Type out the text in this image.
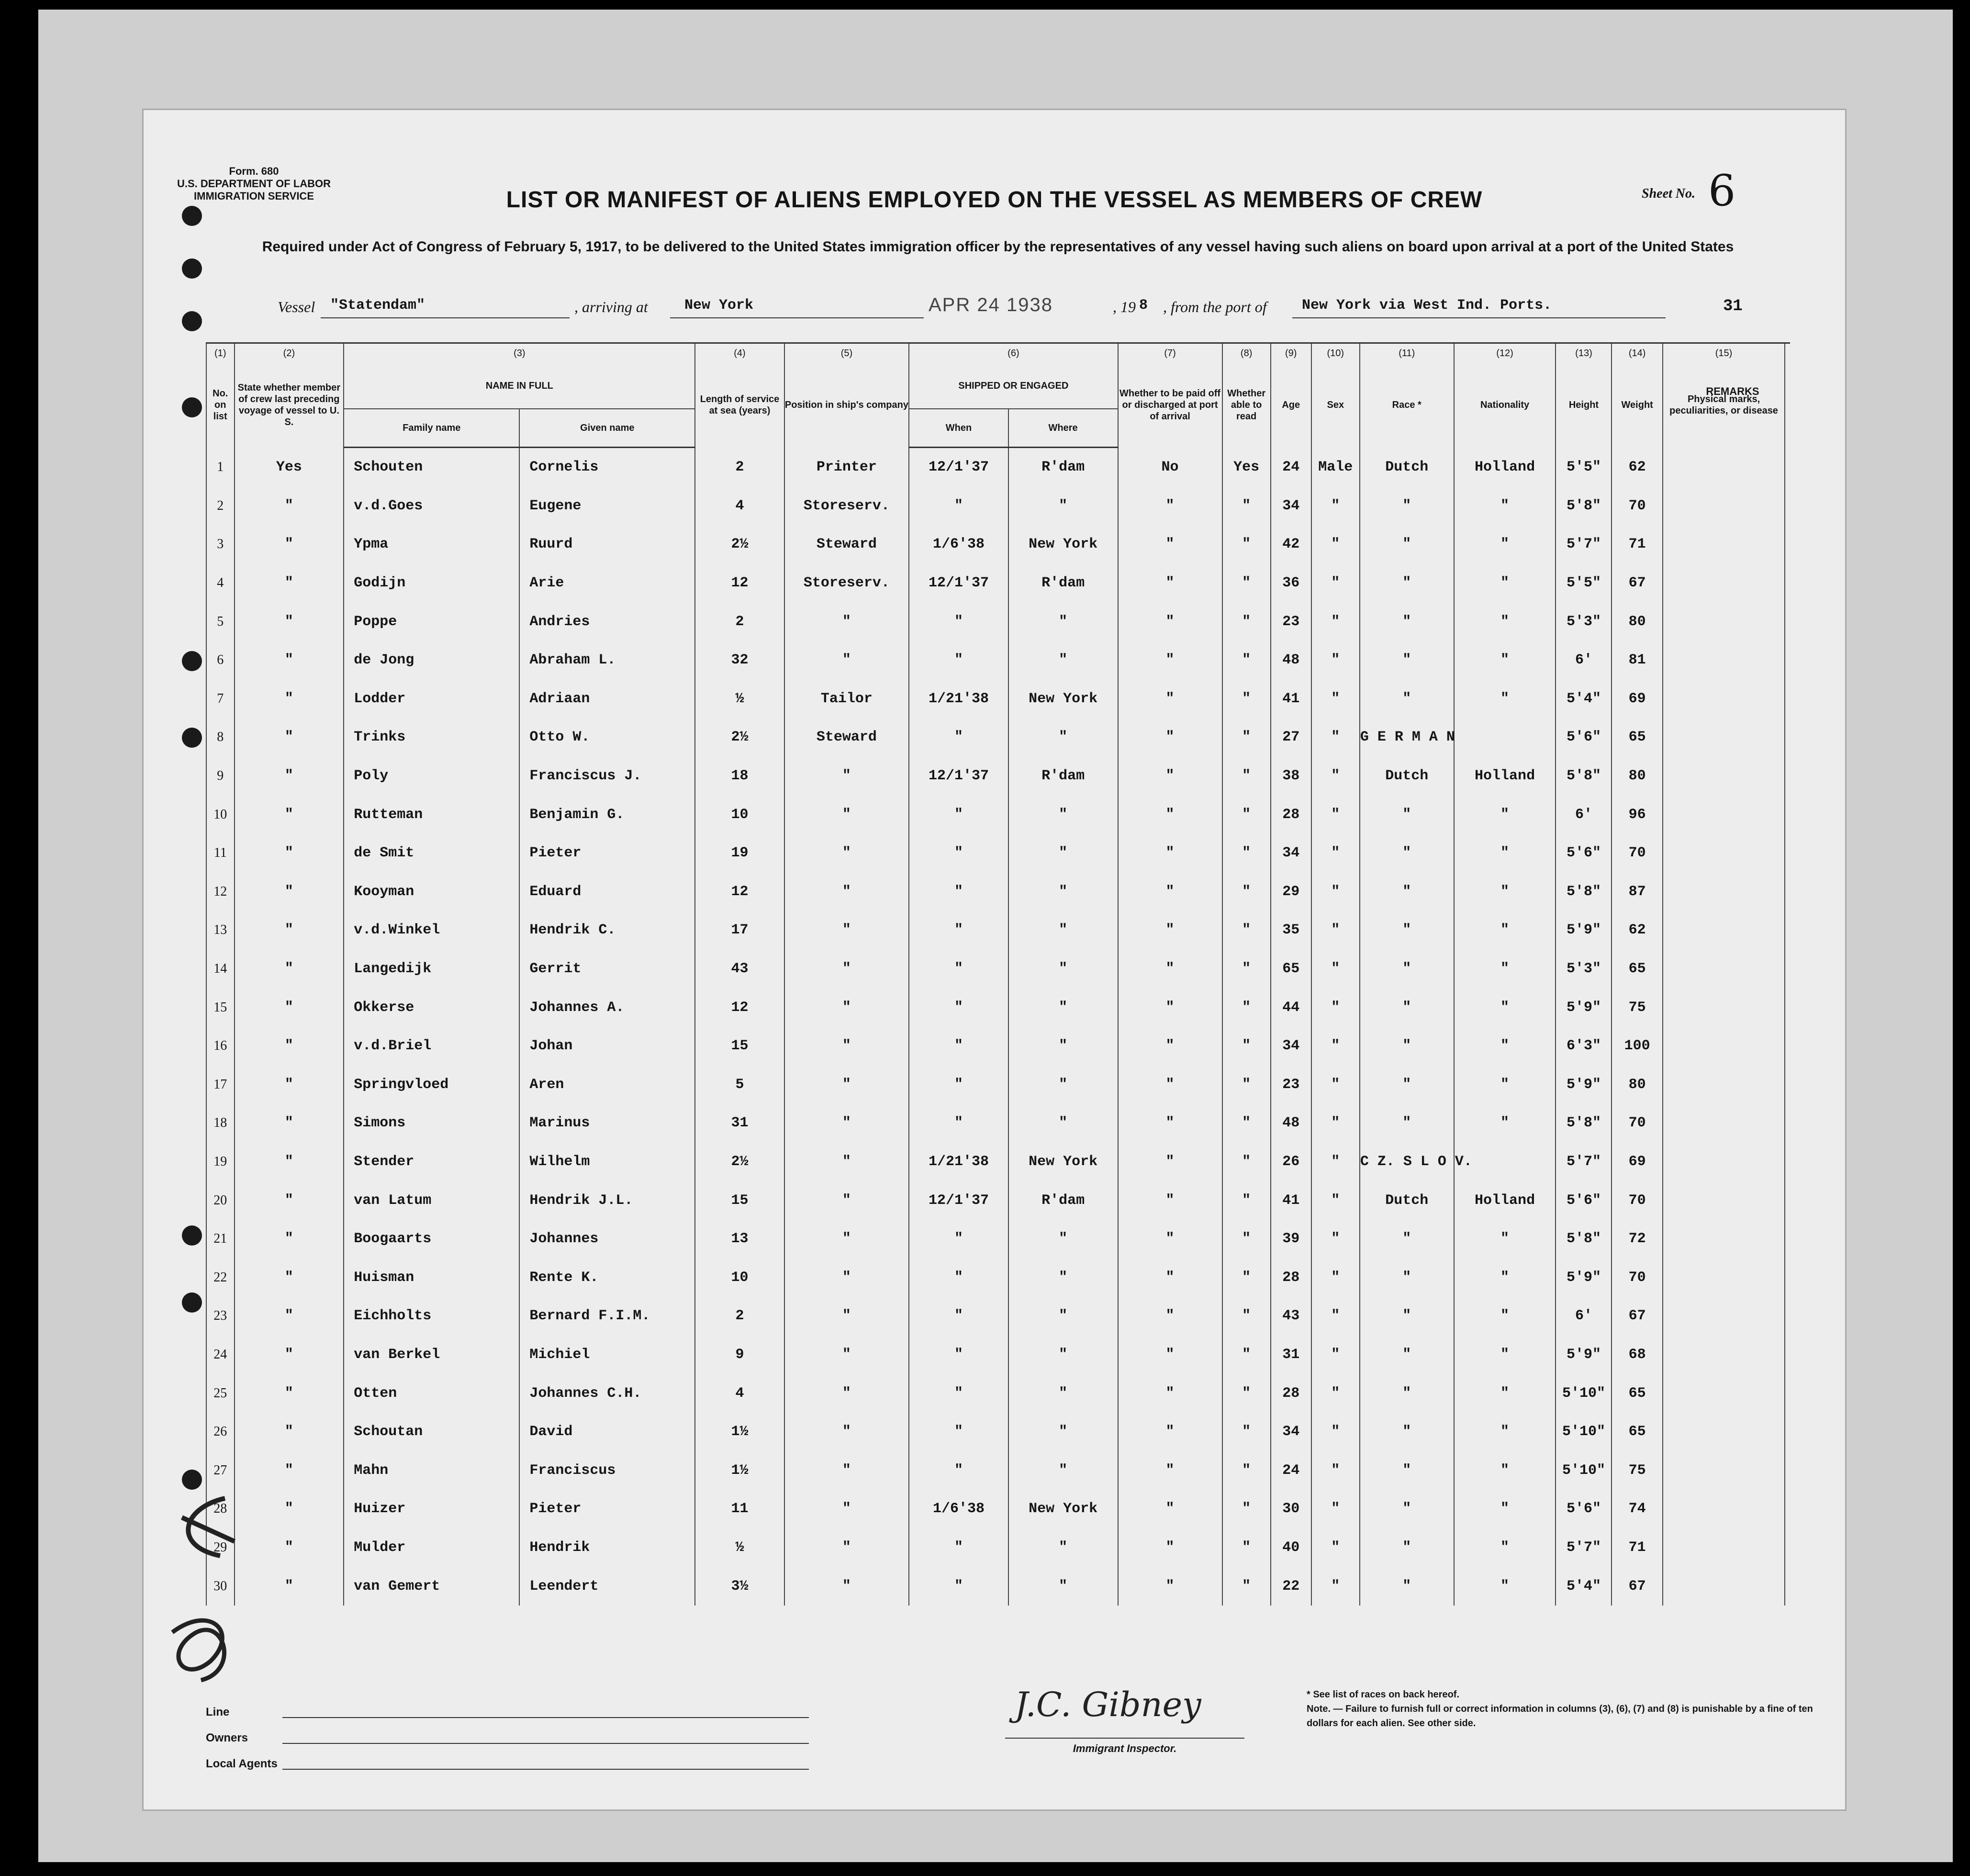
Form. 680
U.S. DEPARTMENT OF LABOR
IMMIGRATION SERVICE	Sheet No. 6
LIST OR MANIFEST OF ALIENS EMPLOYED ON THE VESSEL AS MEMBERS OF CREW
Required under Act of Congress of February 5, 1917, to be delivered to the United States immigration officer by the representatives of any vessel having such aliens on board upon arrival at a port of the United States
Vessel "Statendam"	, arriving at	New York	APR 24 1938	, 19 8 , from the port of New York via West Ind. Ports.	31
(1)	(2)	(3)		(4)	(5)	(6)		(7)	(8)	(9)	(10)	(11)	(12)	(13)	(14)	(15)	
No. on list	State whether member of crew last preceding voyage of vessel to U. S.	NAME IN FULL		Length of service at sea (years)	Position in ship's company	SHIPPED OR ENGAGED		Whether to be paid off or discharged at port of arrival	Whether able to read	Age	Sex	Race *	Nationality	Height	Weight	Physical marks, peculiarities, or disease	
		Family name	Given name			When	Where										
1	Yes	Schouten	Cornelis	2	Printer	12/1'37	R'dam	No	Yes	24	Male	Dutch	Holland	5'5"	62		
2	"	v.d.Goes	Eugene	4	Storeserv.	"	"	"	"	34	"	"	"	5'8"	70		
3	"	Ypma	Ruurd	2½	Steward	1/6'38	New York	"	"	42	"	"	"	5'7"	71		
4	"	Godijn	Arie	12	Storeserv.	12/1'37	R'dam	"	"	36	"	"	"	5'5"	67		
5	"	Poppe	Andries	2	"	"	"	"	"	23	"	"	"	5'3"	80		
6	"	de Jong	Abraham L.	32	"	"	"	"	"	48	"	"	"	6'	81		
7	"	Lodder	Adriaan	½	Tailor	1/21'38	New York	"	"	41	"	"	"	5'4"	69		
8	"	Trinks	Otto W.	2½	Steward	"	"	"	"	27	"	G E R M A N		5'6"	65		
9	"	Poly	Franciscus J.	18	"	12/1'37	R'dam	"	"	38	"	Dutch	Holland	5'8"	80		
10	"	Rutteman	Benjamin G.	10	"	"	"	"	"	28	"	"	"	6'	96		
11	"	de Smit	Pieter	19	"	"	"	"	"	34	"	"	"	5'6"	70		
12	"	Kooyman	Eduard	12	"	"	"	"	"	29	"	"	"	5'8"	87		
13	"	v.d.Winkel	Hendrik C.	17	"	"	"	"	"	35	"	"	"	5'9"	62		
14	"	Langedijk	Gerrit	43	"	"	"	"	"	65	"	"	"	5'3"	65		
15	"	Okkerse	Johannes A.	12	"	"	"	"	"	44	"	"	"	5'9"	75		
16	"	v.d.Briel	Johan	15	"	"	"	"	"	34	"	"	"	6'3"	100		
17	"	Springvloed	Aren	5	"	"	"	"	"	23	"	"	"	5'9"	80		
18	"	Simons	Marinus	31	"	"	"	"	"	48	"	"	"	5'8"	70		
19	"	Stender	Wilhelm	2½	"	1/21'38	New York	"	"	26	"	C Z. S L O V.		5'7"	69		
20	"	van Latum	Hendrik J.L.	15	"	12/1'37	R'dam	"	"	41	"	Dutch	Holland	5'6"	70		
21	"	Boogaarts	Johannes	13	"	"	"	"	"	39	"	"	"	5'8"	72		
22	"	Huisman	Rente K.	10	"	"	"	"	"	28	"	"	"	5'9"	70		
23	"	Eichholts	Bernard F.I.M.	2	"	"	"	"	"	43	"	"	"	6'	67		
24	"	van Berkel	Michiel	9	"	"	"	"	"	31	"	"	"	5'9"	68		
25	"	Otten	Johannes C.H.	4	"	"	"	"	"	28	"	"	"	5'10"	65		
26	"	Schoutan	David	1½	"	"	"	"	"	34	"	"	"	5'10"	65		
27	"	Mahn	Franciscus	1½	"	"	"	"	"	24	"	"	"	5'10"	75		
28	"	Huizer	Pieter	11	"	1/6'38	New York	"	"	30	"	"	"	5'6"	74		
29	"	Mulder	Hendrik	½	"	"	"	"	"	40	"	"	"	5'7"	71		
30	"	van Gemert	Leendert	3½	"	"	"	"	"	22	"	"	"	5'4"	67		
REMARKS
Line
Owners
Local Agents
J.C. Gibney
Immigrant Inspector.
* See list of races on back hereof.
Note. — Failure to furnish full or correct information in columns (3), (6), (7) and (8) is punishable by a fine of ten dollars for each alien. See other side.
